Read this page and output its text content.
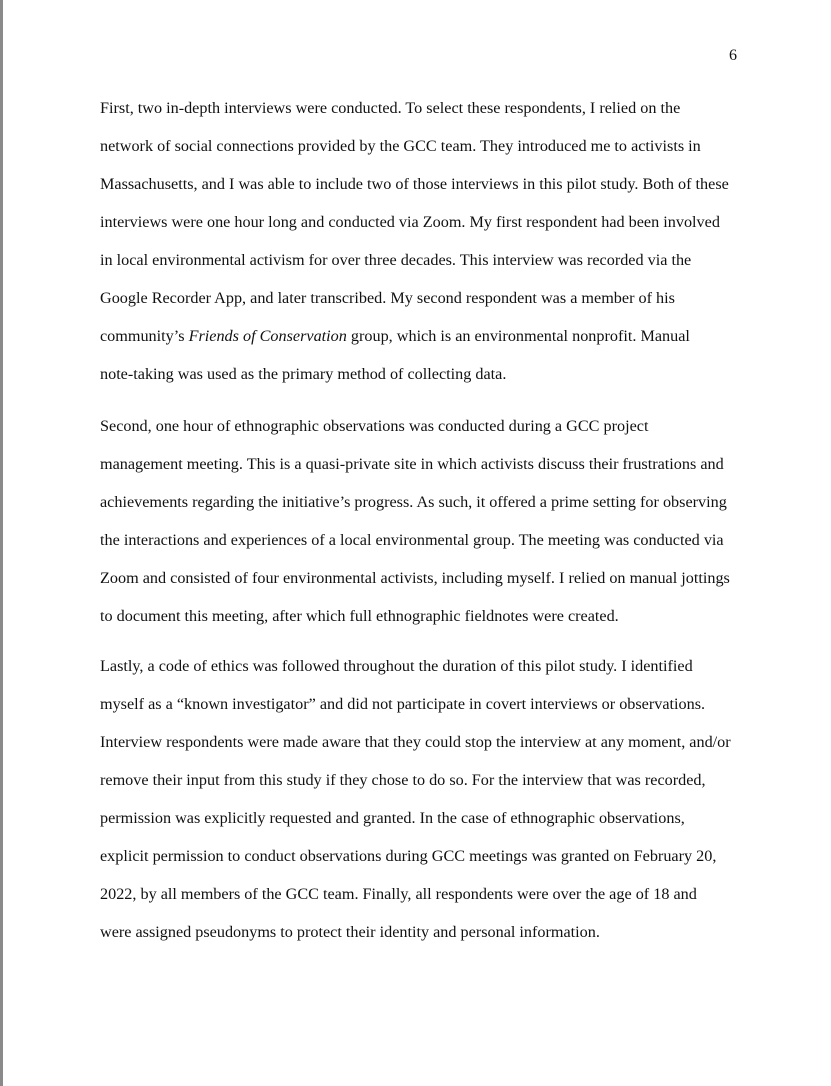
6
First, two in-depth interviews were conducted. To select these respondents, I relied on the
network of social connections provided by the GCC team. They introduced me to activists in
Massachusetts, and I was able to include two of those interviews in this pilot study. Both of these
interviews were one hour long and conducted via Zoom. My first respondent had been involved
in local environmental activism for over three decades. This interview was recorded via the
Google Recorder App, and later transcribed. My second respondent was a member of his
community’s Friends of Conservation group, which is an environmental nonprofit. Manual
note-taking was used as the primary method of collecting data.
Second, one hour of ethnographic observations was conducted during a GCC project
management meeting. This is a quasi-private site in which activists discuss their frustrations and
achievements regarding the initiative’s progress. As such, it offered a prime setting for observing
the interactions and experiences of a local environmental group. The meeting was conducted via
Zoom and consisted of four environmental activists, including myself. I relied on manual jottings
to document this meeting, after which full ethnographic fieldnotes were created.
Lastly, a code of ethics was followed throughout the duration of this pilot study. I identified
myself as a “known investigator” and did not participate in covert interviews or observations.
Interview respondents were made aware that they could stop the interview at any moment, and/or
remove their input from this study if they chose to do so. For the interview that was recorded,
permission was explicitly requested and granted. In the case of ethnographic observations,
explicit permission to conduct observations during GCC meetings was granted on February 20,
2022, by all members of the GCC team. Finally, all respondents were over the age of 18 and
were assigned pseudonyms to protect their identity and personal information.
